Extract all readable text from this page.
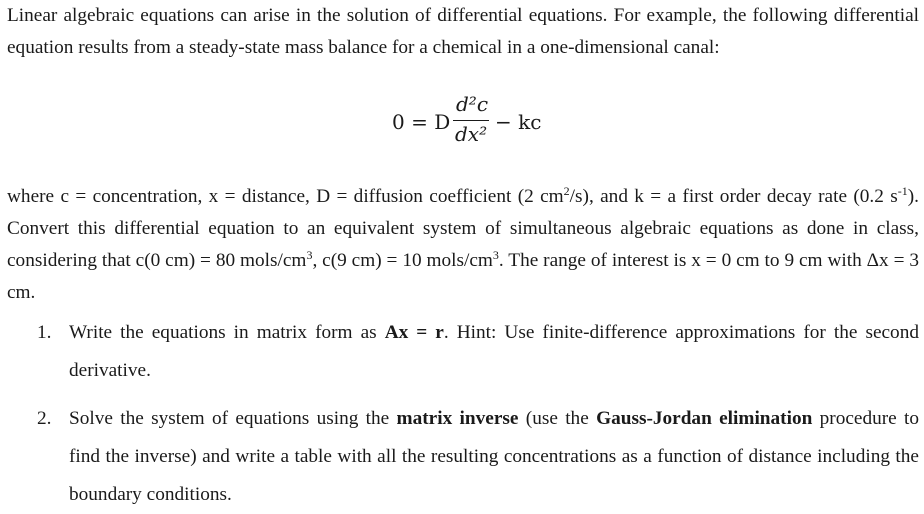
Linear algebraic equations can arise in the solution of differential equations. For example, the following differential equation results from a steady-state mass balance for a chemical in a one-dimensional canal:

0 = D
d²c
dx² − kc

where c = concentration, x = distance, D = diffusion coefficient (2 $cm^2/s$), and k = a first order decay rate (0.2 $s^{-1}$). Convert this differential equation to an equivalent system of simultaneous algebraic equations as done in class, considering that c(0 cm) = 80 mols/$cm^3$, c(9 cm) = 10 mols/$cm^3$. The range of interest is x = 0 cm to 9 cm with Δx = 3 cm.

1. Write the equations in matrix form as Ax = r. Hint: Use finite-difference approximations for the second derivative.
2. Solve the system of equations using the matrix inverse (use the Gauss-Jordan elimination procedure to find the inverse) and write a table with all the resulting concentrations as a function of distance including the boundary conditions.
